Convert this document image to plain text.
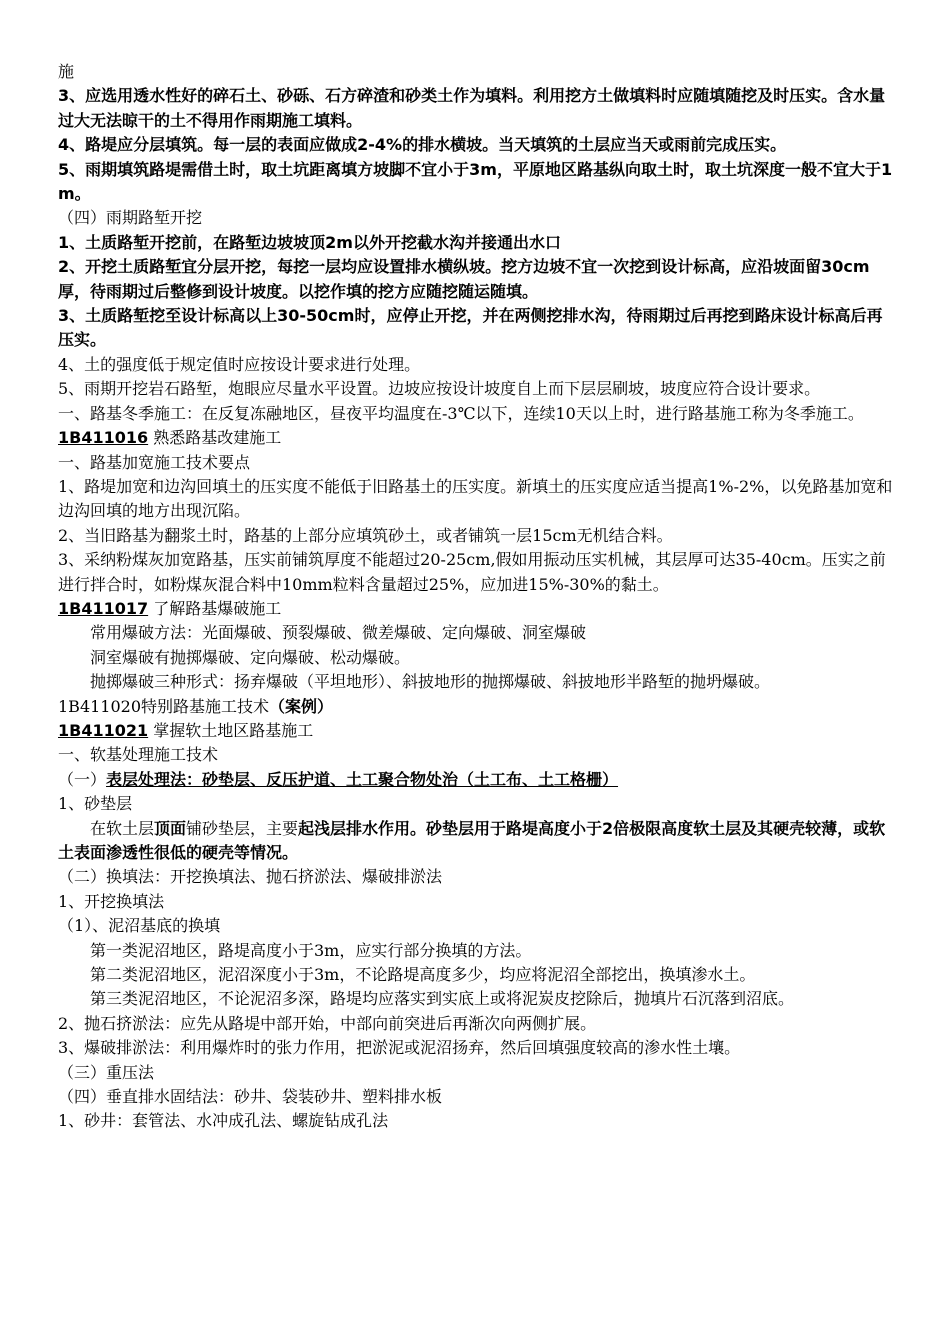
施

3、应选用透水性好的碎石土、砂砾、石方碎渣和砂类土作为填料。利用挖方土做填料时应随填随挖及时压实。含水量过大无法晾干的土不得用作雨期施工填料。

4、路堤应分层填筑。每一层的表面应做成2-4%的排水横坡。当天填筑的土层应当天或雨前完成压实。

5、雨期填筑路堤需借土时，取土坑距离填方坡脚不宜小于3m，平原地区路基纵向取土时，取土坑深度一般不宜大于1m。

（四）雨期路堑开挖

1、土质路堑开挖前，在路堑边坡坡顶2m以外开挖截水沟并接通出水口

2、开挖土质路堑宜分层开挖，每挖一层均应设置排水横纵坡。挖方边坡不宜一次挖到设计标高，应沿坡面留30cm厚，待雨期过后整修到设计坡度。以挖作填的挖方应随挖随运随填。

3、土质路堑挖至设计标高以上30-50cm时，应停止开挖，并在两侧挖排水沟，待雨期过后再挖到路床设计标高后再压实。

4、土的强度低于规定值时应按设计要求进行处理。

5、雨期开挖岩石路堑，炮眼应尽量水平设置。边坡应按设计坡度自上而下层层刷坡，坡度应符合设计要求。

一、路基冬季施工：在反复冻融地区，昼夜平均温度在-3℃以下，连续10天以上时，进行路基施工称为冬季施工。

1B411016 熟悉路基改建施工

一、路基加宽施工技术要点

1、路堤加宽和边沟回填土的压实度不能低于旧路基土的压实度。新填土的压实度应适当提高1%-2%，以免路基加宽和边沟回填的地方出现沉陷。

2、当旧路基为翻浆土时，路基的上部分应填筑砂土，或者铺筑一层15cm无机结合料。

3、采纳粉煤灰加宽路基，压实前铺筑厚度不能超过20-25cm,假如用振动压实机械，其层厚可达35-40cm。压实之前进行拌合时，如粉煤灰混合料中10mm粒料含量超过25%，应加进15%-30%的黏土。

1B411017 了解路基爆破施工

常用爆破方法：光面爆破、预裂爆破、微差爆破、定向爆破、洞室爆破

洞室爆破有抛掷爆破、定向爆破、松动爆破。

抛掷爆破三种形式：扬弃爆破（平坦地形）、斜披地形的抛掷爆破、斜披地形半路堑的抛坍爆破。

1B411020特别路基施工技术（案例）

1B411021 掌握软土地区路基施工

一、软基处理施工技术

（一）表层处理法：砂垫层、反压护道、土工聚合物处治（土工布、土工格栅）

1、砂垫层

在软土层顶面铺砂垫层，主要起浅层排水作用。砂垫层用于路堤高度小于2倍极限高度软土层及其硬壳较薄，或软土表面渗透性很低的硬壳等情况。

（二）换填法：开挖换填法、抛石挤淤法、爆破排淤法

1、开挖换填法

（1）、泥沼基底的换填

第一类泥沼地区，路堤高度小于3m，应实行部分换填的方法。

第二类泥沼地区，泥沼深度小于3m，不论路堤高度多少，均应将泥沼全部挖出，换填渗水土。

第三类泥沼地区，不论泥沼多深，路堤均应落实到实底上或将泥炭皮挖除后，抛填片石沉落到沼底。

2、抛石挤淤法：应先从路堤中部开始，中部向前突进后再渐次向两侧扩展。

3、爆破排淤法：利用爆炸时的张力作用，把淤泥或泥沼扬弃，然后回填强度较高的渗水性土壤。

（三）重压法

（四）垂直排水固结法：砂井、袋装砂井、塑料排水板

1、砂井：套管法、水冲成孔法、螺旋钻成孔法
